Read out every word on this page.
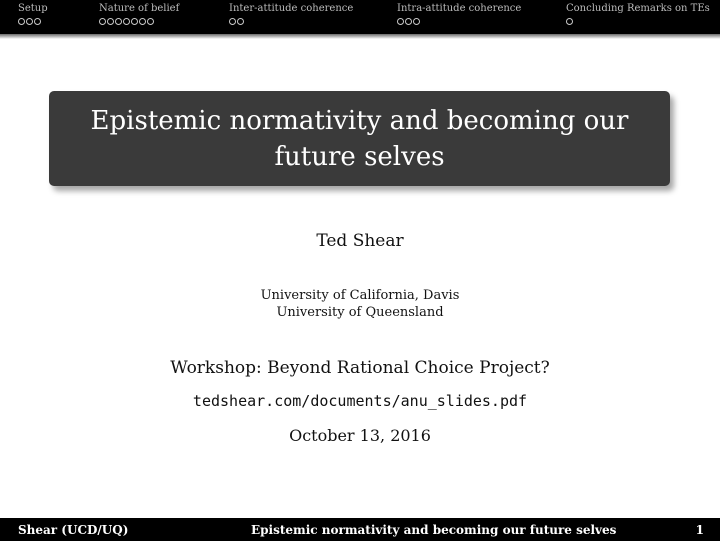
Setup	Nature of belief	Inter-attitude coherence	Intra-attitude coherence	Concluding Remarks on TEs
Epistemic normativity and becoming our future selves
Ted Shear
University of California, Davis
University of Queensland
Workshop: Beyond Rational Choice Project?
tedshear.com/documents/anu_slides.pdf
October 13, 2016
Shear (UCD/UQ)	Epistemic normativity and becoming our future selves	1
